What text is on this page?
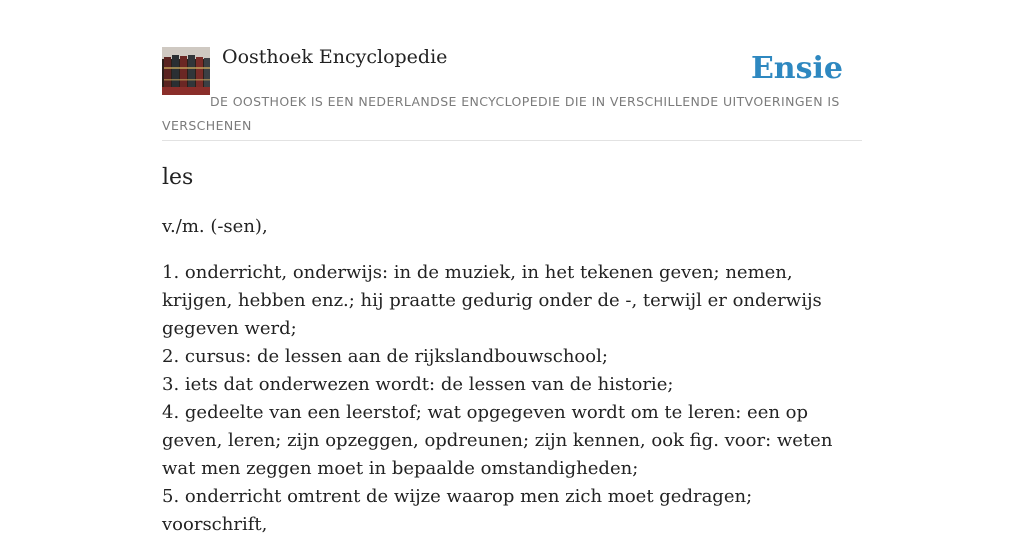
Oosthoek Encyclopedie	Ensie

DE OOSTHOEK IS EEN NEDERLANDSE ENCYCLOPEDIE DIE IN VERSCHILLENDE UITVOERINGEN IS VERSCHENEN

les

v./m. (-sen),

1. onderricht, onderwijs: in de muziek, in het tekenen geven; nemen, krijgen, hebben enz.; hij praatte gedurig onder de -, terwijl er onderwijs gegeven werd;
2. cursus: de lessen aan de rijkslandbouwschool;
3. iets dat onderwezen wordt: de lessen van de historie;
4. gedeelte van een leerstof; wat opgegeven wordt om te leren: een op geven, leren; zijn opzeggen, opdreunen; zijn kennen, ook fig. voor: weten wat men zeggen moet in bepaalde omstandigheden;
5. onderricht omtrent de wijze waarop men zich moet gedragen; voorschrift,
